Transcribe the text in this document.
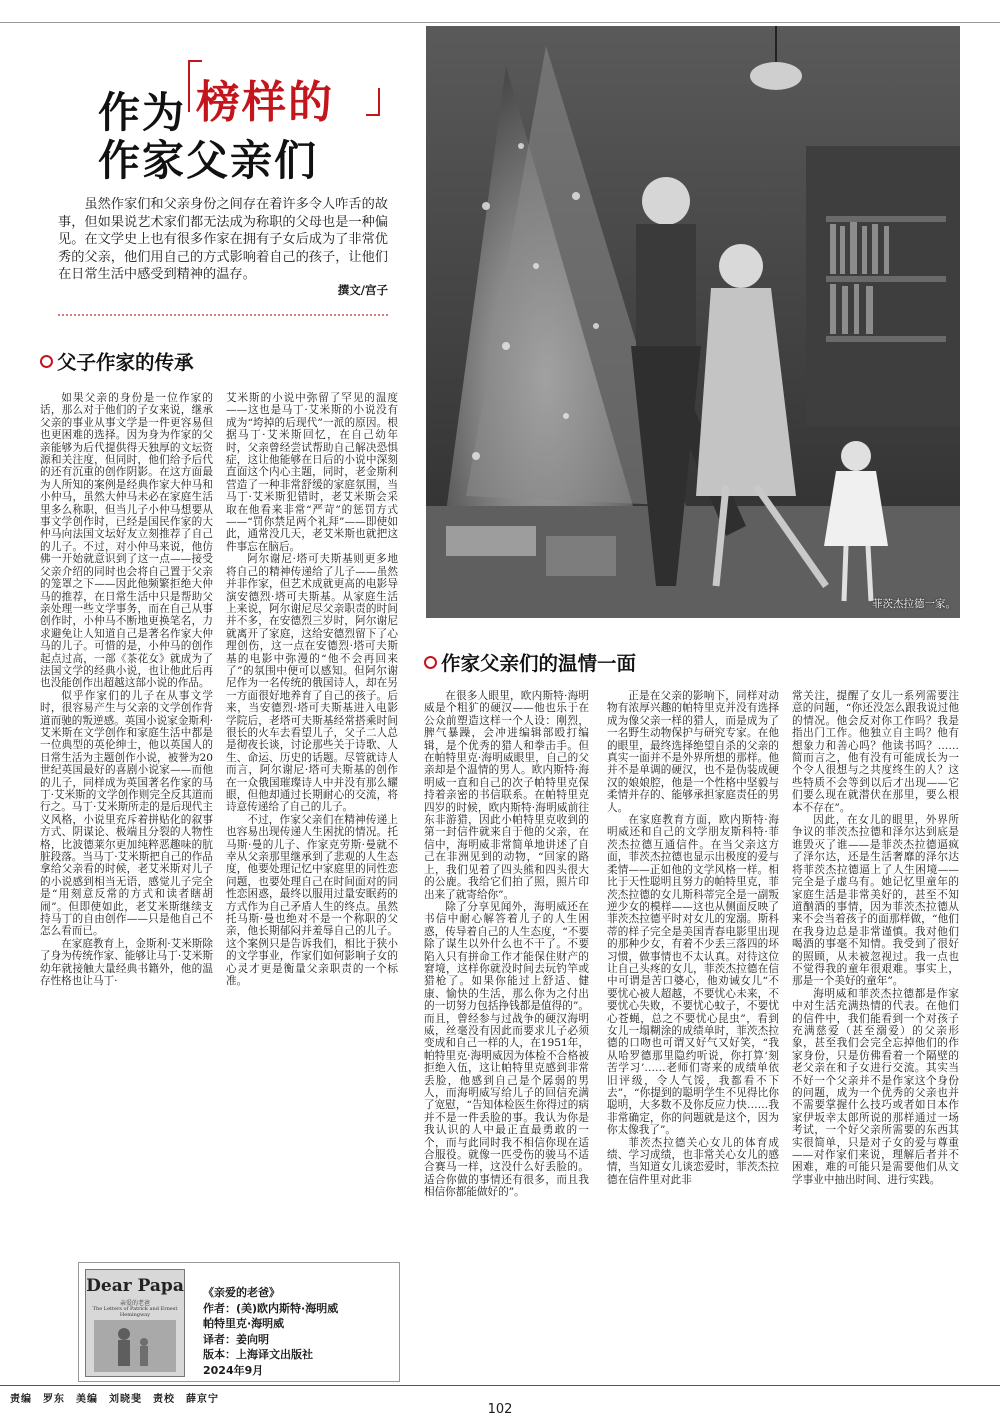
作为 榜样的
作家父亲们
虽然作家们和父亲身份之间存在着许多令人咋舌的故事，但如果说艺术家们都无法成为称职的父母也是一种偏见。在文学史上也有很多作家在拥有子女后成为了非常优秀的父亲，他们用自己的方式影响着自己的孩子，让他们在日常生活中感受到精神的温存。
撰文/宫子
父子作家的传承

如果父亲的身份是一位作家的话，那么对于他们的子女来说，继承父亲的事业从事文学是一件更容易但也更困难的选择。因为身为作家的父亲能够为后代提供得天独厚的文坛资源和关注度，但同时，他们给予后代的还有沉重的创作阴影。在这方面最为人所知的案例是经典作家大仲马和小仲马，虽然大仲马未必在家庭生活里多么称职，但当儿子小仲马想要从事文学创作时，已经是国民作家的大仲马向法国文坛好友立刻推荐了自己的儿子。不过，对小仲马来说，他仿佛一开始就意识到了这一点——接受父亲介绍的同时也会将自己置于父亲的笼罩之下——因此他频繁拒绝大仲马的推荐，在日常生活中只是帮助父亲处理一些文学事务，而在自己从事创作时，小仲马不断地更换笔名，力求避免让人知道自己是著名作家大仲马的儿子。可惜的是，小仲马的创作起点过高，一部《茶花女》就成为了法国文学的经典小说，也让他此后再也没能创作出超越这部小说的作品。

似乎作家们的儿子在从事文学时，很容易产生与父亲的文学创作背道而驰的叛逆感。英国小说家金斯利·艾米斯在文学创作和家庭生活中都是一位典型的英伦绅士，他以英国人的日常生活为主题创作小说，被誉为20世纪英国最好的喜剧小说家——而他的儿子，同样成为英国著名作家的马丁·艾米斯的文学创作则完全反其道而行之。马丁·艾米斯所走的是后现代主义风格，小说里充斥着拼贴化的叙事方式、阴谋论、极端且分裂的人物性格，比波德莱尔更加纯粹恶趣味的肮脏段落。当马丁·艾米斯把自己的作品拿给父亲看的时候，老艾米斯对儿子的小说感到相当无语，感觉儿子完全是“用刻意反常的方式和读者瞎胡闹”。但即使如此，老艾米斯继续支持马丁的自由创作——只是他自己不怎么看而已。

在家庭教育上，金斯利·艾米斯除了身为传统作家、能够让马丁·艾米斯幼年就接触大量经典书籍外，他的温存性格也让马丁·

艾米斯的小说中弥留了罕见的温度——这也是马丁·艾米斯的小说没有成为“垮掉的后现代”一派的原因。根据马丁·艾米斯回忆，在自己幼年时，父亲曾经尝试帮助自己解决恐惧症，这让他能够在日后的小说中深刻直面这个内心主题，同时，老金斯利营造了一种非常舒缓的家庭氛围，当马丁·艾米斯犯错时，老艾米斯会采取在他看来非常“严苛”的惩罚方式——“罚你禁足两个礼拜”——即使如此，通常没几天，老艾米斯也就把这件事忘在脑后。

阿尔谢尼·塔可夫斯基则更多地将自己的精神传递给了儿子——虽然并非作家，但艺术成就更高的电影导演安德烈·塔可夫斯基。从家庭生活上来说，阿尔谢尼尽父亲职责的时间并不多，在安德烈三岁时，阿尔谢尼就离开了家庭，这给安德烈留下了心理创伤，这一点在安德烈·塔可夫斯基的电影中弥漫的“他不会再回来了”的氛围中便可以感知。但阿尔谢尼作为一名传统的俄国诗人，却在另一方面很好地养育了自己的孩子。后来，当安德烈·塔可夫斯基进入电影学院后，老塔可夫斯基经常搭乘时间很长的火车去看望儿子，父子二人总是彻夜长谈，讨论那些关于诗歌、人生、命运、历史的话题。尽管就诗人而言，阿尔谢尼·塔可夫斯基的创作在一众俄国璀璨诗人中并没有那么耀眼，但他却通过长期耐心的交流，将诗意传递给了自己的儿子。

不过，作家父亲们在精神传递上也容易出现传递人生困扰的情况。托马斯·曼的儿子、作家克劳斯·曼就不幸从父亲那里继承到了悲观的人生态度，他要处理记忆中家庭里的同性恋问题，也要处理自己在时间面对的同性恋困惑，最终以服用过量安眠药的方式作为自己矛盾人生的终点。虽然托马斯·曼也绝对不是一个称职的父亲，他长期郁闷并羞辱自己的儿子。这个案例只是告诉我们，相比于狭小的文学事业，作家们如何影响子女的心灵才更是衡量父亲职责的一个标准。

菲茨杰拉德一家。
作家父亲们的温情一面

在很多人眼里，欧内斯特·海明威是个粗犷的硬汉——他也乐于在公众前塑造这样一个人设：刚烈，脾气暴躁，会冲进编辑部殴打编辑，是个优秀的猎人和拳击手。但在帕特里克·海明威眼里，自己的父亲却是个温情的男人。欧内斯特·海明威一直和自己的次子帕特里克保持着亲密的书信联系。在帕特里克四岁的时候，欧内斯特·海明威前往东非游猎，因此小帕特里克收到的第一封信件就来自于他的父亲，在信中，海明威非常简单地讲述了自己在非洲见到的动物，“回家的路上，我们见着了四头熊和四头很大的公鹿。我给它们拍了照，照片印出来了就寄给你”。

除了分享见闻外，海明威还在书信中耐心解答着儿子的人生困惑，传导着自己的人生态度，“不要除了谋生以外什么也不干了。不要陷入只有拼命工作才能保住财产的窘境，这样你就没时间去玩钓竿或猎枪了。如果你能过上舒适、健康、愉快的生活，那么你为之付出的一切努力包括挣钱都是值得的”。而且，曾经参与过战争的硬汉海明威，丝毫没有因此而要求儿子必须变成和自己一样的人，在1951年，帕特里克·海明威因为体检不合格被拒绝入伍，这让帕特里克感到非常丢脸，他感到自己是个孱弱的男人，而海明威写给儿子的回信充满了宽慰，“告知体检医生你得过的病并不是一件丢脸的事。我认为你是我认识的人中最正直最勇敢的一个，而与此同时我不相信你现在适合服役。就像一匹受伤的骏马不适合赛马一样，这没什么好丢脸的。适合你做的事情还有很多，而且我相信你都能做好的”。

正是在父亲的影响下，同样对动物有浓厚兴趣的帕特里克并没有选择成为像父亲一样的猎人，而是成为了一名野生动物保护与研究专家。在他的眼里，最终选择绝望自杀的父亲的真实一面并不是外界所想的那样。他并不是单调的硬汉，也不是伪装成硬汉的娘娘腔，他是一个性格中坚毅与柔情并存的、能够承担家庭责任的男人。

在家庭教育方面，欧内斯特·海明威还和自己的文学朋友斯科特·菲茨杰拉德互通信件。在当父亲这方面，菲茨杰拉德也显示出极度的爱与柔情——正如他的文学风格一样。相比于天性聪明且努力的帕特里克，菲茨杰拉德的女儿斯科蒂完全是一副叛逆少女的模样——这也从侧面反映了菲茨杰拉德平时对女儿的宠溺。斯科蒂的样子完全是美国青春电影里出现的那种少女，有着不少丢三落四的坏习惯，做事情也不太认真。对待这位让自己头疼的女儿，菲茨杰拉德在信中可谓是苦口婆心，他劝诫女儿“不要忧心被人超越，不要忧心未来，不要忧心失败，不要忧心蚊子，不要忧心苍蝇，总之不要忧心昆虫”，看到女儿一塌糊涂的成绩单时，菲茨杰拉德的口吻也可谓又好气又好笑，“我从哈罗德那里隐约听说，你打算‘刻苦学习’……老师们寄来的成绩单依旧评级，令人气馁，我都看不下去”，“你提到的聪明学生不见得比你聪明，大多数不及你反应力快……我非常确定，你的问题就是这个，因为你太像我了”。

菲茨杰拉德关心女儿的体育成绩、学习成绩，也非常关心女儿的感情，当知道女儿谈恋爱时，菲茨杰拉德在信件里对此非

常关注，提醒了女儿一系列需要注意的问题，“你还没怎么跟我说过他的情况。他会反对你工作吗？我是指出门工作。他独立自主吗？他有想象力和善心吗？他读书吗？……简而言之，他有没有可能成长为一个令人很想与之共度终生的人？这些特质不会等到以后才出现——它们要么现在就潜伏在那里，要么根本不存在”。

因此，在女儿的眼里，外界所争议的菲茨杰拉德和泽尔达到底是谁毁灭了谁——是菲茨杰拉德逼疯了泽尔达，还是生活奢靡的泽尔达将菲茨杰拉德逼上了人生困境——完全是子虚乌有。她记忆里童年的家庭生活是非常美好的，甚至不知道酗酒的事情，因为菲茨杰拉德从来不会当着孩子的面那样做，“他们在我身边总是非常谨慎。我对他们喝酒的事毫不知情。我受到了很好的照顾，从未被忽视过。我一点也不觉得我的童年很艰难。事实上，那是一个美好的童年”。

海明威和菲茨杰拉德都是作家中对生活充满热情的代表。在他们的信件中，我们能看到一个对孩子充满慈爱（甚至溺爱）的父亲形象，甚至我们会完全忘掉他们的作家身份，只是仿佛看着一个隔壁的老父亲在和子女进行交流。其实当不好一个父亲并不是作家这个身份的问题，成为一个优秀的父亲也并不需要掌握什么技巧或者如日本作家伊坂幸太郎所说的那样通过一场考试，一个好父亲所需要的东西其实很简单，只是对子女的爱与尊重——对作家们来说，理解后者并不困难，难的可能只是需要他们从文学事业中抽出时间、进行实践。

Dear Papa
亲爱的老爸
The Letters of Patrick and Ernest Hemingway
《亲爱的老爸》
作者：(美)欧内斯特·海明威
帕特里克·海明威
译者：姜向明
版本：上海译文出版社
2024年9月
责编　罗东　美编　刘晓斐　责校　薛京宁
102
